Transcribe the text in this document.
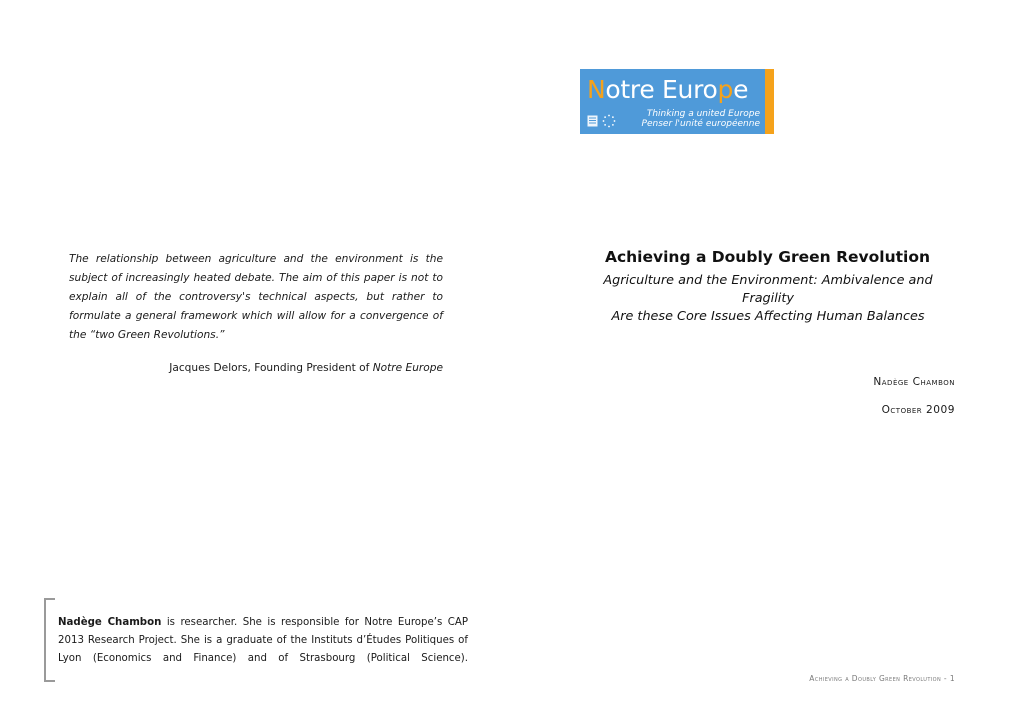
Notre Europe
Thinking a united Europe
Penser l'unité européenne

The relationship between agriculture and the environment is the subject of increasingly heated debate. The aim of this paper is not to explain all of the controversy's technical aspects, but rather to formulate a general framework which will allow for a convergence of the “two Green Revolutions.”

Jacques Delors, Founding President of Notre Europe

Achieving a Doubly Green Revolution
Agriculture and the Environment: Ambivalence and Fragility
Are these Core Issues Affecting Human Balances

Nadège Chambon

October 2009

Nadège Chambon is researcher. She is responsible for Notre Europe’s CAP 2013 Research Project. She is a graduate of the Instituts d’Études Politiques of Lyon (Economics and Finance) and of Strasbourg (Political Science).

Achieving a Doubly Green Revolution - 1
